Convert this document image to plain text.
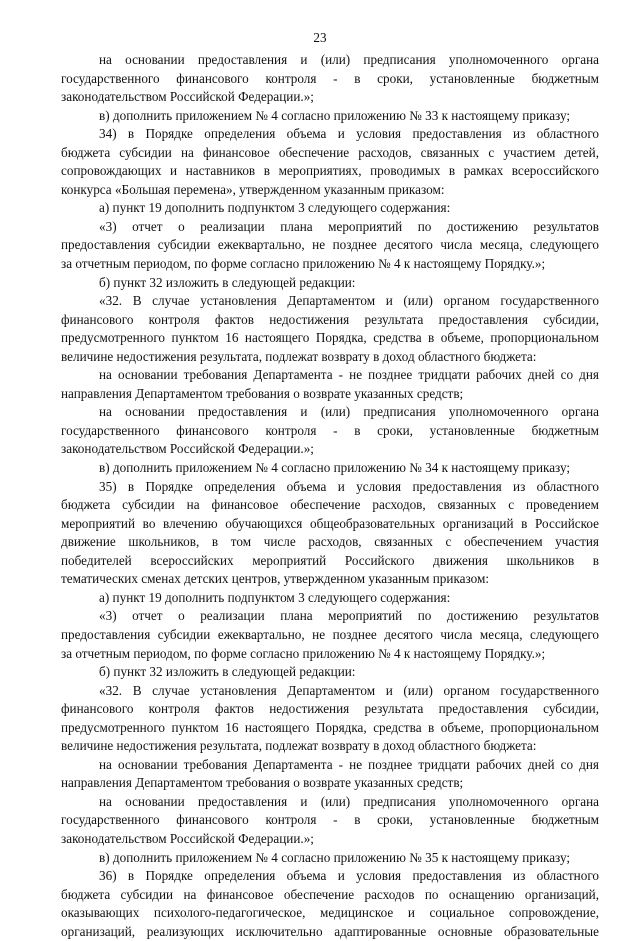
23
на основании предоставления и (или) предписания уполномоченного органа
государственного финансового контроля - в сроки, установленные бюджетным
законодательством Российской Федерации.»;
в) дополнить приложением № 4 согласно приложению № 33 к настоящему приказу;
34) в Порядке определения объема и условия предоставления из областного
бюджета субсидии на финансовое обеспечение расходов, связанных с участием детей,
сопровождающих и наставников в мероприятиях, проводимых в рамках всероссийского
конкурса «Большая перемена», утвержденном указанным приказом:
а) пункт 19 дополнить подпунктом 3 следующего содержания:
«3) отчет о реализации плана мероприятий по достижению результатов
предоставления субсидии ежеквартально, не позднее десятого числа месяца, следующего
за отчетным периодом, по форме согласно приложению № 4 к настоящему Порядку.»;
б) пункт 32 изложить в следующей редакции:
«32. В случае установления Департаментом и (или) органом государственного
финансового контроля фактов недостижения результата предоставления субсидии,
предусмотренного пунктом 16 настоящего Порядка, средства в объеме, пропорциональном
величине недостижения результата, подлежат возврату в доход областного бюджета:
на основании требования Департамента - не позднее тридцати рабочих дней со дня
направления Департаментом требования о возврате указанных средств;
на основании предоставления и (или) предписания уполномоченного органа
государственного финансового контроля - в сроки, установленные бюджетным
законодательством Российской Федерации.»;
в) дополнить приложением № 4 согласно приложению № 34 к настоящему приказу;
35) в Порядке определения объема и условия предоставления из областного
бюджета субсидии на финансовое обеспечение расходов, связанных с проведением
мероприятий во влечению обучающихся общеобразовательных организаций в Российское
движение школьников, в том числе расходов, связанных с обеспечением участия
победителей всероссийских мероприятий Российского движения школьников в
тематических сменах детских центров, утвержденном указанным приказом:
а) пункт 19 дополнить подпунктом 3 следующего содержания:
«3) отчет о реализации плана мероприятий по достижению результатов
предоставления субсидии ежеквартально, не позднее десятого числа месяца, следующего
за отчетным периодом, по форме согласно приложению № 4 к настоящему Порядку.»;
б) пункт 32 изложить в следующей редакции:
«32. В случае установления Департаментом и (или) органом государственного
финансового контроля фактов недостижения результата предоставления субсидии,
предусмотренного пунктом 16 настоящего Порядка, средства в объеме, пропорциональном
величине недостижения результата, подлежат возврату в доход областного бюджета:
на основании требования Департамента - не позднее тридцати рабочих дней со дня
направления Департаментом требования о возврате указанных средств;
на основании предоставления и (или) предписания уполномоченного органа
государственного финансового контроля - в сроки, установленные бюджетным
законодательством Российской Федерации.»;
в) дополнить приложением № 4 согласно приложению № 35 к настоящему приказу;
36) в Порядке определения объема и условия предоставления из областного
бюджета субсидии на финансовое обеспечение расходов по оснащению организаций,
оказывающих психолого-педагогическое, медицинское и социальное сопровождение,
организаций, реализующих исключительно адаптированные основные образовательные
